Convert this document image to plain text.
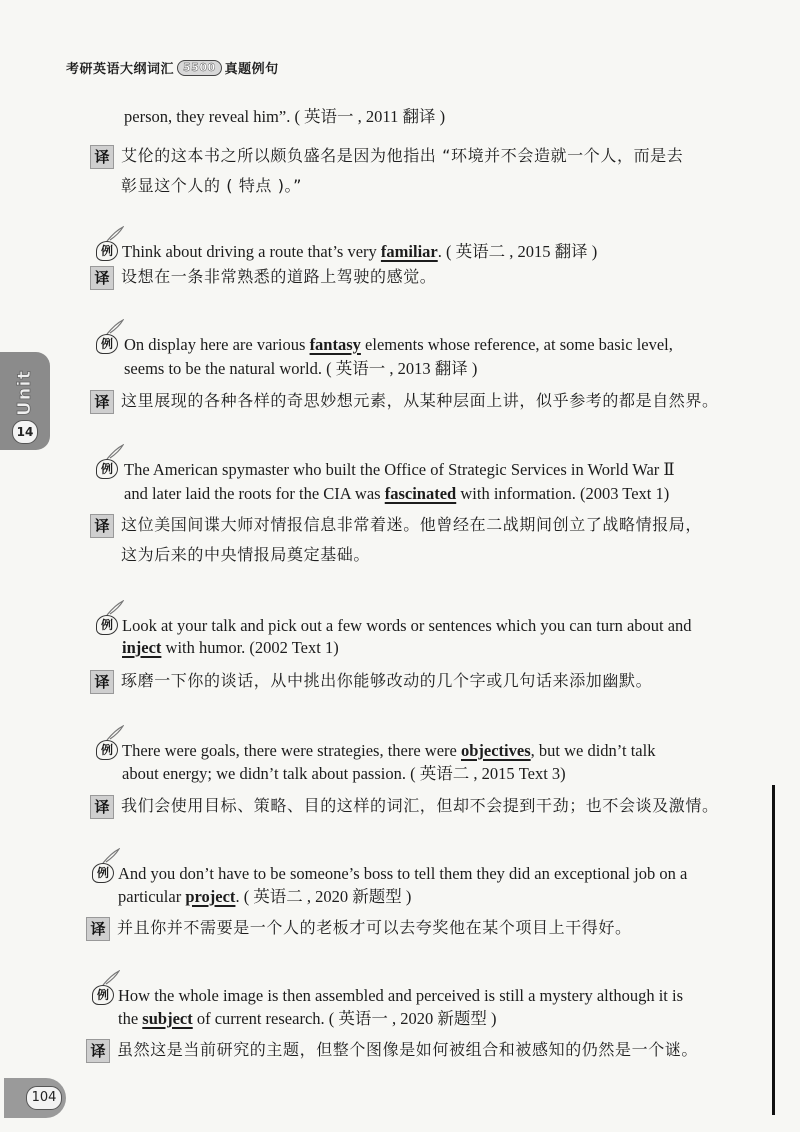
考研英语大纲词汇 5500 真题例句
Unit
14
person, they reveal him”. ( 英语一 , 2011 翻译 )
译 艾伦的这本书之所以颇负盛名是因为他指出 “环境并不会造就一个人，而是去
彰显这个人的 ( 特点 )。”
例 Think about driving a route that’s very familiar. ( 英语二 , 2015 翻译 )
译 设想在一条非常熟悉的道路上驾驶的感觉。
例 On display here are various fantasy elements whose reference, at some basic level,
seems to be the natural world. ( 英语一 , 2013 翻译 )
译 这里展现的各种各样的奇思妙想元素，从某种层面上讲，似乎参考的都是自然界。
例 The American spymaster who built the Office of Strategic Services in World War Ⅱ
and later laid the roots for the CIA was fascinated with information. (2003 Text 1)
译 这位美国间谍大师对情报信息非常着迷。他曾经在二战期间创立了战略情报局，
这为后来的中央情报局奠定基础。
例 Look at your talk and pick out a few words or sentences which you can turn about and
inject with humor. (2002 Text 1)
译 琢磨一下你的谈话，从中挑出你能够改动的几个字或几句话来添加幽默。
例 There were goals, there were strategies, there were objectives, but we didn’t talk
about energy; we didn’t talk about passion. ( 英语二 , 2015 Text 3)
译 我们会使用目标、策略、目的这样的词汇，但却不会提到干劲；也不会谈及激情。
例 And you don’t have to be someone’s boss to tell them they did an exceptional job on a
particular project. ( 英语二 , 2020 新题型 )
译 并且你并不需要是一个人的老板才可以去夸奖他在某个项目上干得好。
例 How the whole image is then assembled and perceived is still a mystery although it is
the subject of current research. ( 英语一 , 2020 新题型 )
译 虽然这是当前研究的主题，但整个图像是如何被组合和被感知的仍然是一个谜。
104
